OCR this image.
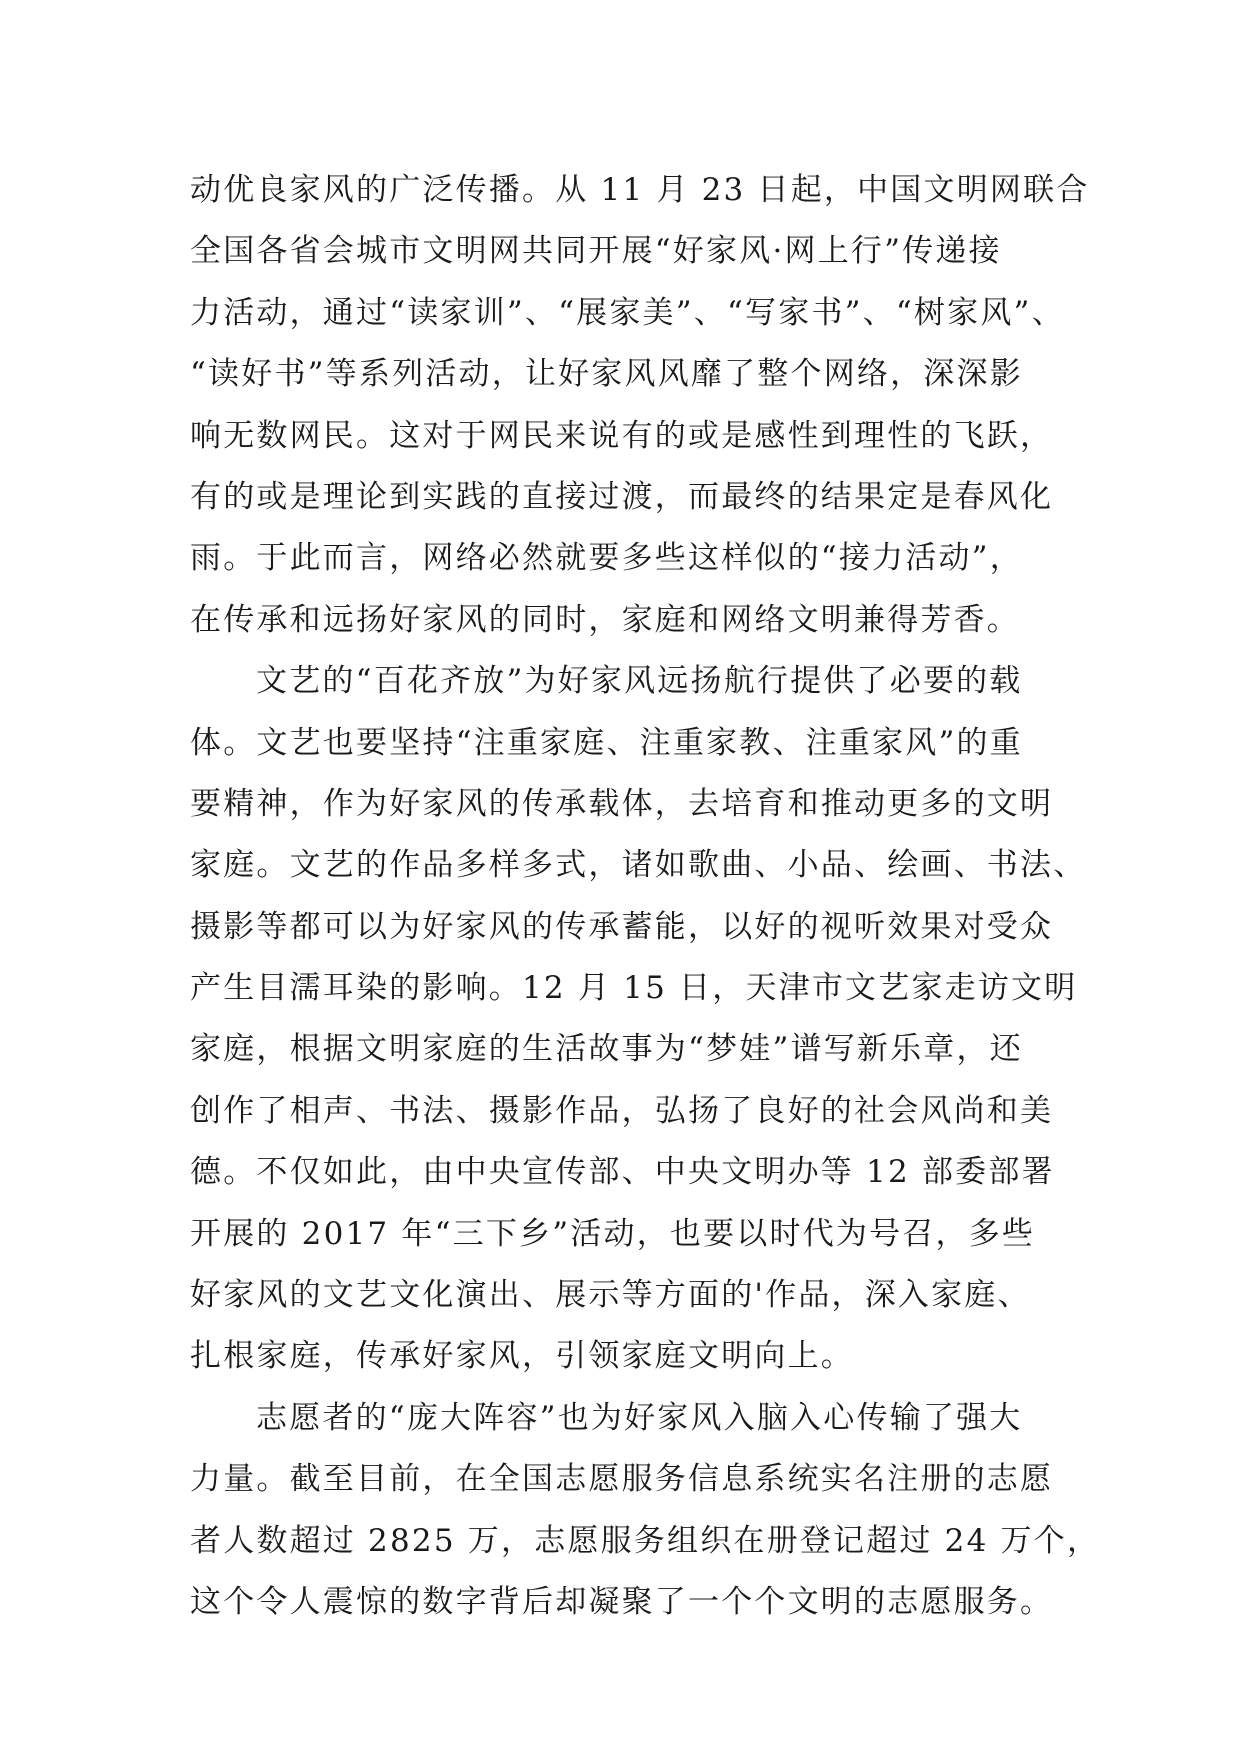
动优良家风的广泛传播。从 11 月 23 日起，中国文明网联合
全国各省会城市文明网共同开展“好家风·网上行”传递接
力活动，通过“读家训”、“展家美”、“写家书”、“树家风”、
“读好书”等系列活动，让好家风风靡了整个网络，深深影
响无数网民。这对于网民来说有的或是感性到理性的飞跃，
有的或是理论到实践的直接过渡，而最终的结果定是春风化
雨。于此而言，网络必然就要多些这样似的“接力活动”，
在传承和远扬好家风的同时，家庭和网络文明兼得芳香。
文艺的“百花齐放”为好家风远扬航行提供了必要的载
体。文艺也要坚持“注重家庭、注重家教、注重家风”的重
要精神，作为好家风的传承载体，去培育和推动更多的文明
家庭。文艺的作品多样多式，诸如歌曲、小品、绘画、书法、
摄影等都可以为好家风的传承蓄能，以好的视听效果对受众
产生目濡耳染的影响。12 月 15 日，天津市文艺家走访文明
家庭，根据文明家庭的生活故事为“梦娃”谱写新乐章，还
创作了相声、书法、摄影作品，弘扬了良好的社会风尚和美
德。不仅如此，由中央宣传部、中央文明办等 12 部委部署
开展的 2017 年“三下乡”活动，也要以时代为号召，多些
好家风的文艺文化演出、展示等方面的'作品，深入家庭、
扎根家庭，传承好家风，引领家庭文明向上。
志愿者的“庞大阵容”也为好家风入脑入心传输了强大
力量。截至目前，在全国志愿服务信息系统实名注册的志愿
者人数超过 2825 万，志愿服务组织在册登记超过 24 万个，
这个令人震惊的数字背后却凝聚了一个个文明的志愿服务。
